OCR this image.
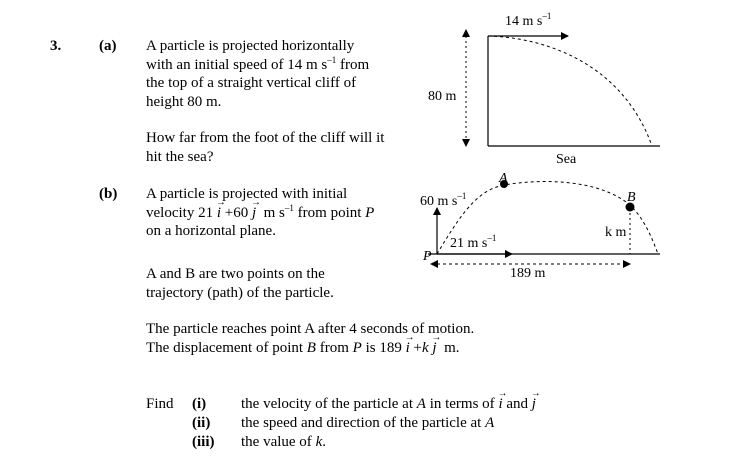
3.	(a)
(b)
A particle is projected horizontally
with an initial speed of 14 m $s^{-1}$ from
the top of a straight vertical cliff of
height 80 m.
How far from the foot of the cliff will it
hit the sea?
A particle is projected with initial
velocity 21 → i +60 → j m $s^{-1}$ from point P
on a horizontal plane.
A and B are two points on the
trajectory (path) of the particle.
The particle reaches point A after 4 seconds of motion.
The displacement of point B from P is 189 → i +k → j m.
Find (i)
(ii)
(iii)
the velocity of the particle at A in terms of → i and → j
the speed and direction of the particle at A
the value of k.
14 m $s^{-1}$
80 m
Sea
60 m $s^{-1}$
21 m $s^{-1}$
A
B
P
k m
189 m
